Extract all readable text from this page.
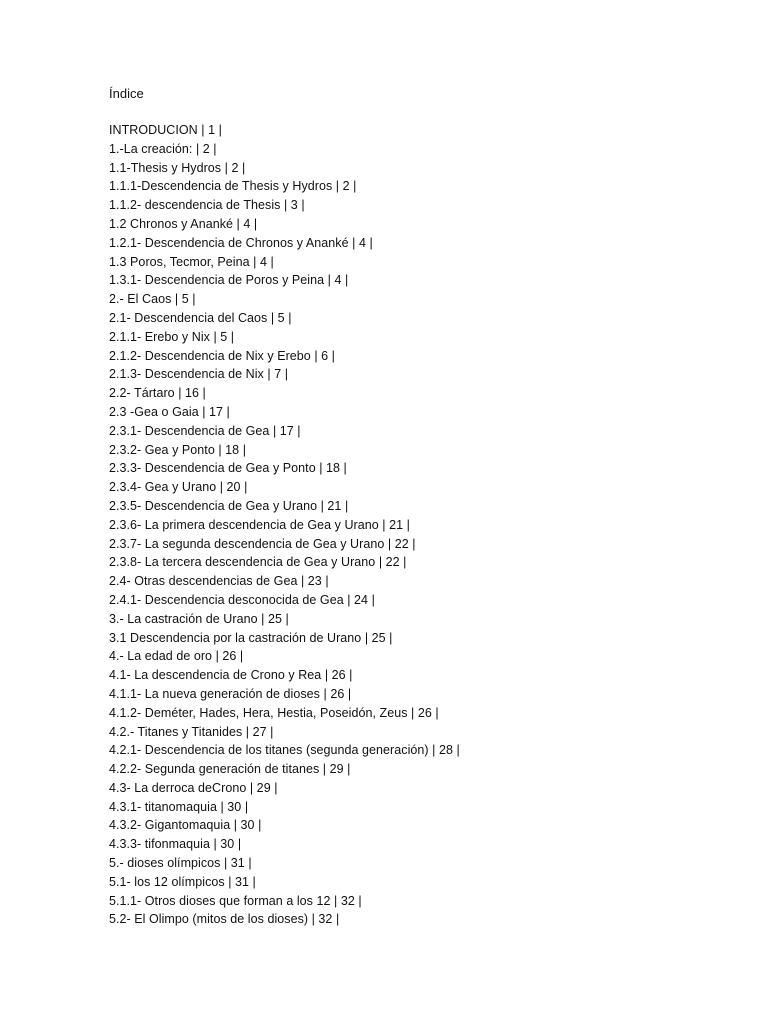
Índice
INTRODUCION | 1 |
1.-La creación: | 2 |
1.1-Thesis y Hydros | 2 |
1.1.1-Descendencia de Thesis y Hydros | 2 |
1.1.2- descendencia de Thesis | 3 |
1.2 Chronos y Ananké | 4 |
1.2.1- Descendencia de Chronos y Ananké | 4 |
1.3 Poros, Tecmor, Peina | 4 |
1.3.1- Descendencia de Poros y Peina | 4 |
2.- El Caos | 5 |
2.1- Descendencia del Caos | 5 |
2.1.1- Erebo y Nix | 5 |
2.1.2- Descendencia de Nix y Erebo | 6 |
2.1.3- Descendencia de Nix | 7 |
2.2- Tártaro | 16 |
2.3 -Gea o Gaia | 17 |
2.3.1- Descendencia de Gea | 17 |
2.3.2- Gea y Ponto | 18 |
2.3.3- Descendencia de Gea y Ponto | 18 |
2.3.4- Gea y Urano | 20 |
2.3.5- Descendencia de Gea y Urano | 21 |
2.3.6- La primera descendencia de Gea y Urano | 21 |
2.3.7- La segunda descendencia de Gea y Urano | 22 |
2.3.8- La tercera descendencia de Gea y Urano | 22 |
2.4- Otras descendencias de Gea | 23 |
2.4.1- Descendencia desconocida de Gea | 24 |
3.- La castración de Urano | 25 |
3.1 Descendencia por la castración de Urano | 25 |
4.- La edad de oro | 26 |
4.1- La descendencia de Crono y Rea | 26 |
4.1.1- La nueva generación de dioses | 26 |
4.1.2- Deméter, Hades, Hera, Hestia, Poseidón, Zeus | 26 |
4.2.- Titanes y Titanides | 27 |
4.2.1- Descendencia de los titanes (segunda generación) | 28 |
4.2.2- Segunda generación de titanes | 29 |
4.3- La derroca deCrono | 29 |
4.3.1- titanomaquia | 30 |
4.3.2- Gigantomaquia | 30 |
4.3.3- tifonmaquia | 30 |
5.- dioses olímpicos | 31 |
5.1- los 12 olímpicos | 31 |
5.1.1- Otros dioses que forman a los 12 | 32 |
5.2- El Olimpo (mitos de los dioses) | 32 |
